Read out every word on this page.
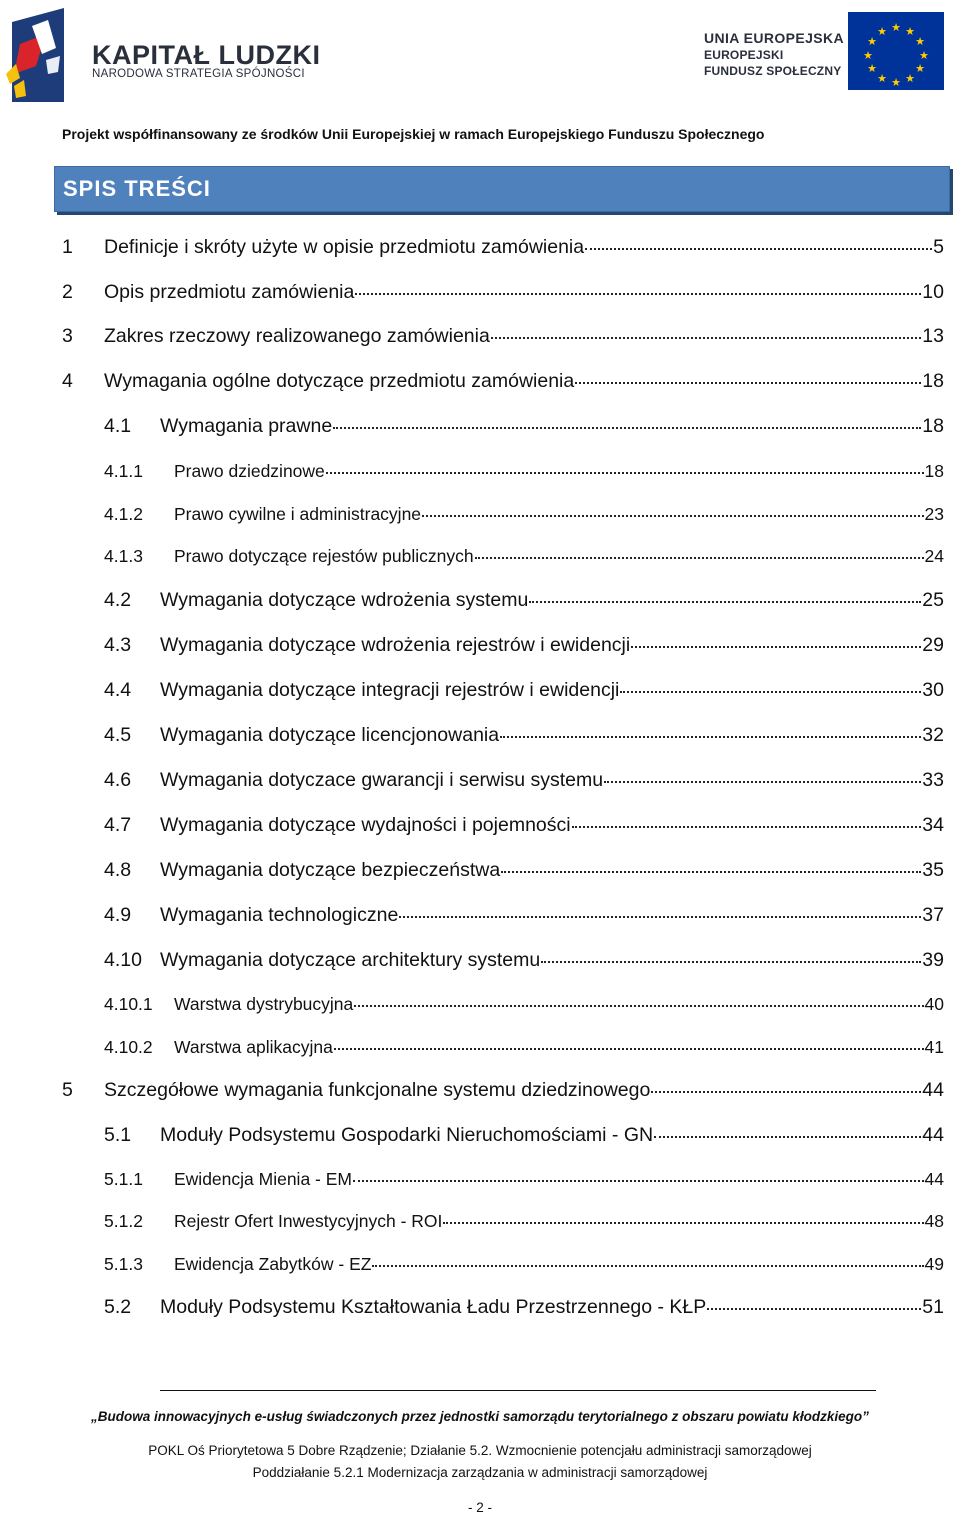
KAPITAŁ LUDZKI
NARODOWA STRATEGIA SPÓJNOŚCI
UNIA EUROPEJSKA
EUROPEJSKI
FUNDUSZ SPOŁECZNY
★ ★
★
★
★
★
★
★
★
★
★
★
Projekt współfinansowany ze środków Unii Europejskiej w ramach Europejskiego Funduszu Społecznego
SPIS TREŚCI
1	Definicje i skróty użyte w opisie przedmiotu zamówienia	5
2	Opis przedmiotu zamówienia	10
3	Zakres rzeczowy realizowanego zamówienia	13
4	Wymagania ogólne dotyczące przedmiotu zamówienia	18
4.1	Wymagania prawne	18
4.1.1	Prawo dziedzinowe	18
4.1.2	Prawo cywilne i administracyjne	23
4.1.3	Prawo dotyczące rejestów publicznych	24
4.2	Wymagania dotyczące wdrożenia systemu	25
4.3	Wymagania dotyczące wdrożenia rejestrów i ewidencji	29
4.4	Wymagania dotyczące integracji rejestrów i ewidencji	30
4.5	Wymagania dotyczące licencjonowania	32
4.6	Wymagania dotyczace gwarancji i serwisu systemu	33
4.7	Wymagania dotyczące wydajności i pojemności	34
4.8	Wymagania dotyczące bezpieczeństwa	35
4.9	Wymagania technologiczne	37
4.10 Wymagania dotyczące architektury systemu	39
4.10.1	Warstwa dystrybucyjna	40
4.10.2	Warstwa aplikacyjna	41
5	Szczegółowe wymagania funkcjonalne systemu dziedzinowego	44
5.1	Moduły Podsystemu Gospodarki Nieruchomościami - GN	44
5.1.1	Ewidencja Mienia - EM	44
5.1.2	Rejestr Ofert Inwestycyjnych - ROI	48
5.1.3	Ewidencja Zabytków - EZ	49
5.2	Moduły Podsystemu Kształtowania Ładu Przestrzennego - KŁP	51
„Budowa innowacyjnych e-usług świadczonych przez jednostki samorządu terytorialnego z obszaru powiatu kłodzkiego”
POKL Oś Priorytetowa 5 Dobre Rządzenie; Działanie 5.2. Wzmocnienie potencjału administracji samorządowej
Poddziałanie 5.2.1 Modernizacja zarządzania w administracji samorządowej
- 2 -
